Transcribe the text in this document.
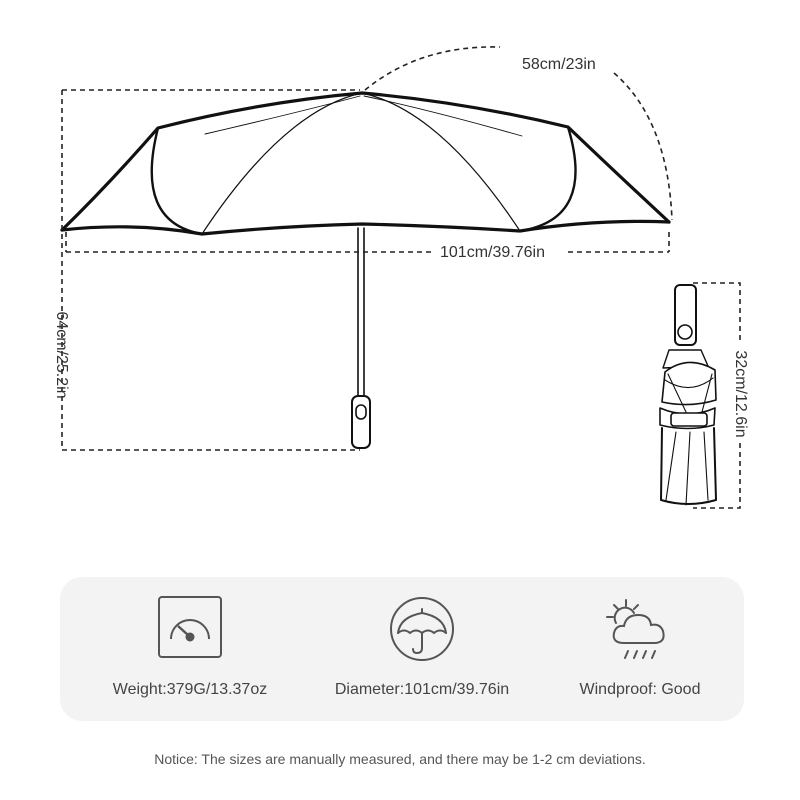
58cm/23in
101cm/39.76in
64cm/25.2in	32cm/12.6in
Weight:379G/13.37oz	Diameter:101cm/39.76in	Windproof: Good
Notice: The sizes are manually measured, and there may be 1-2 cm deviations.
